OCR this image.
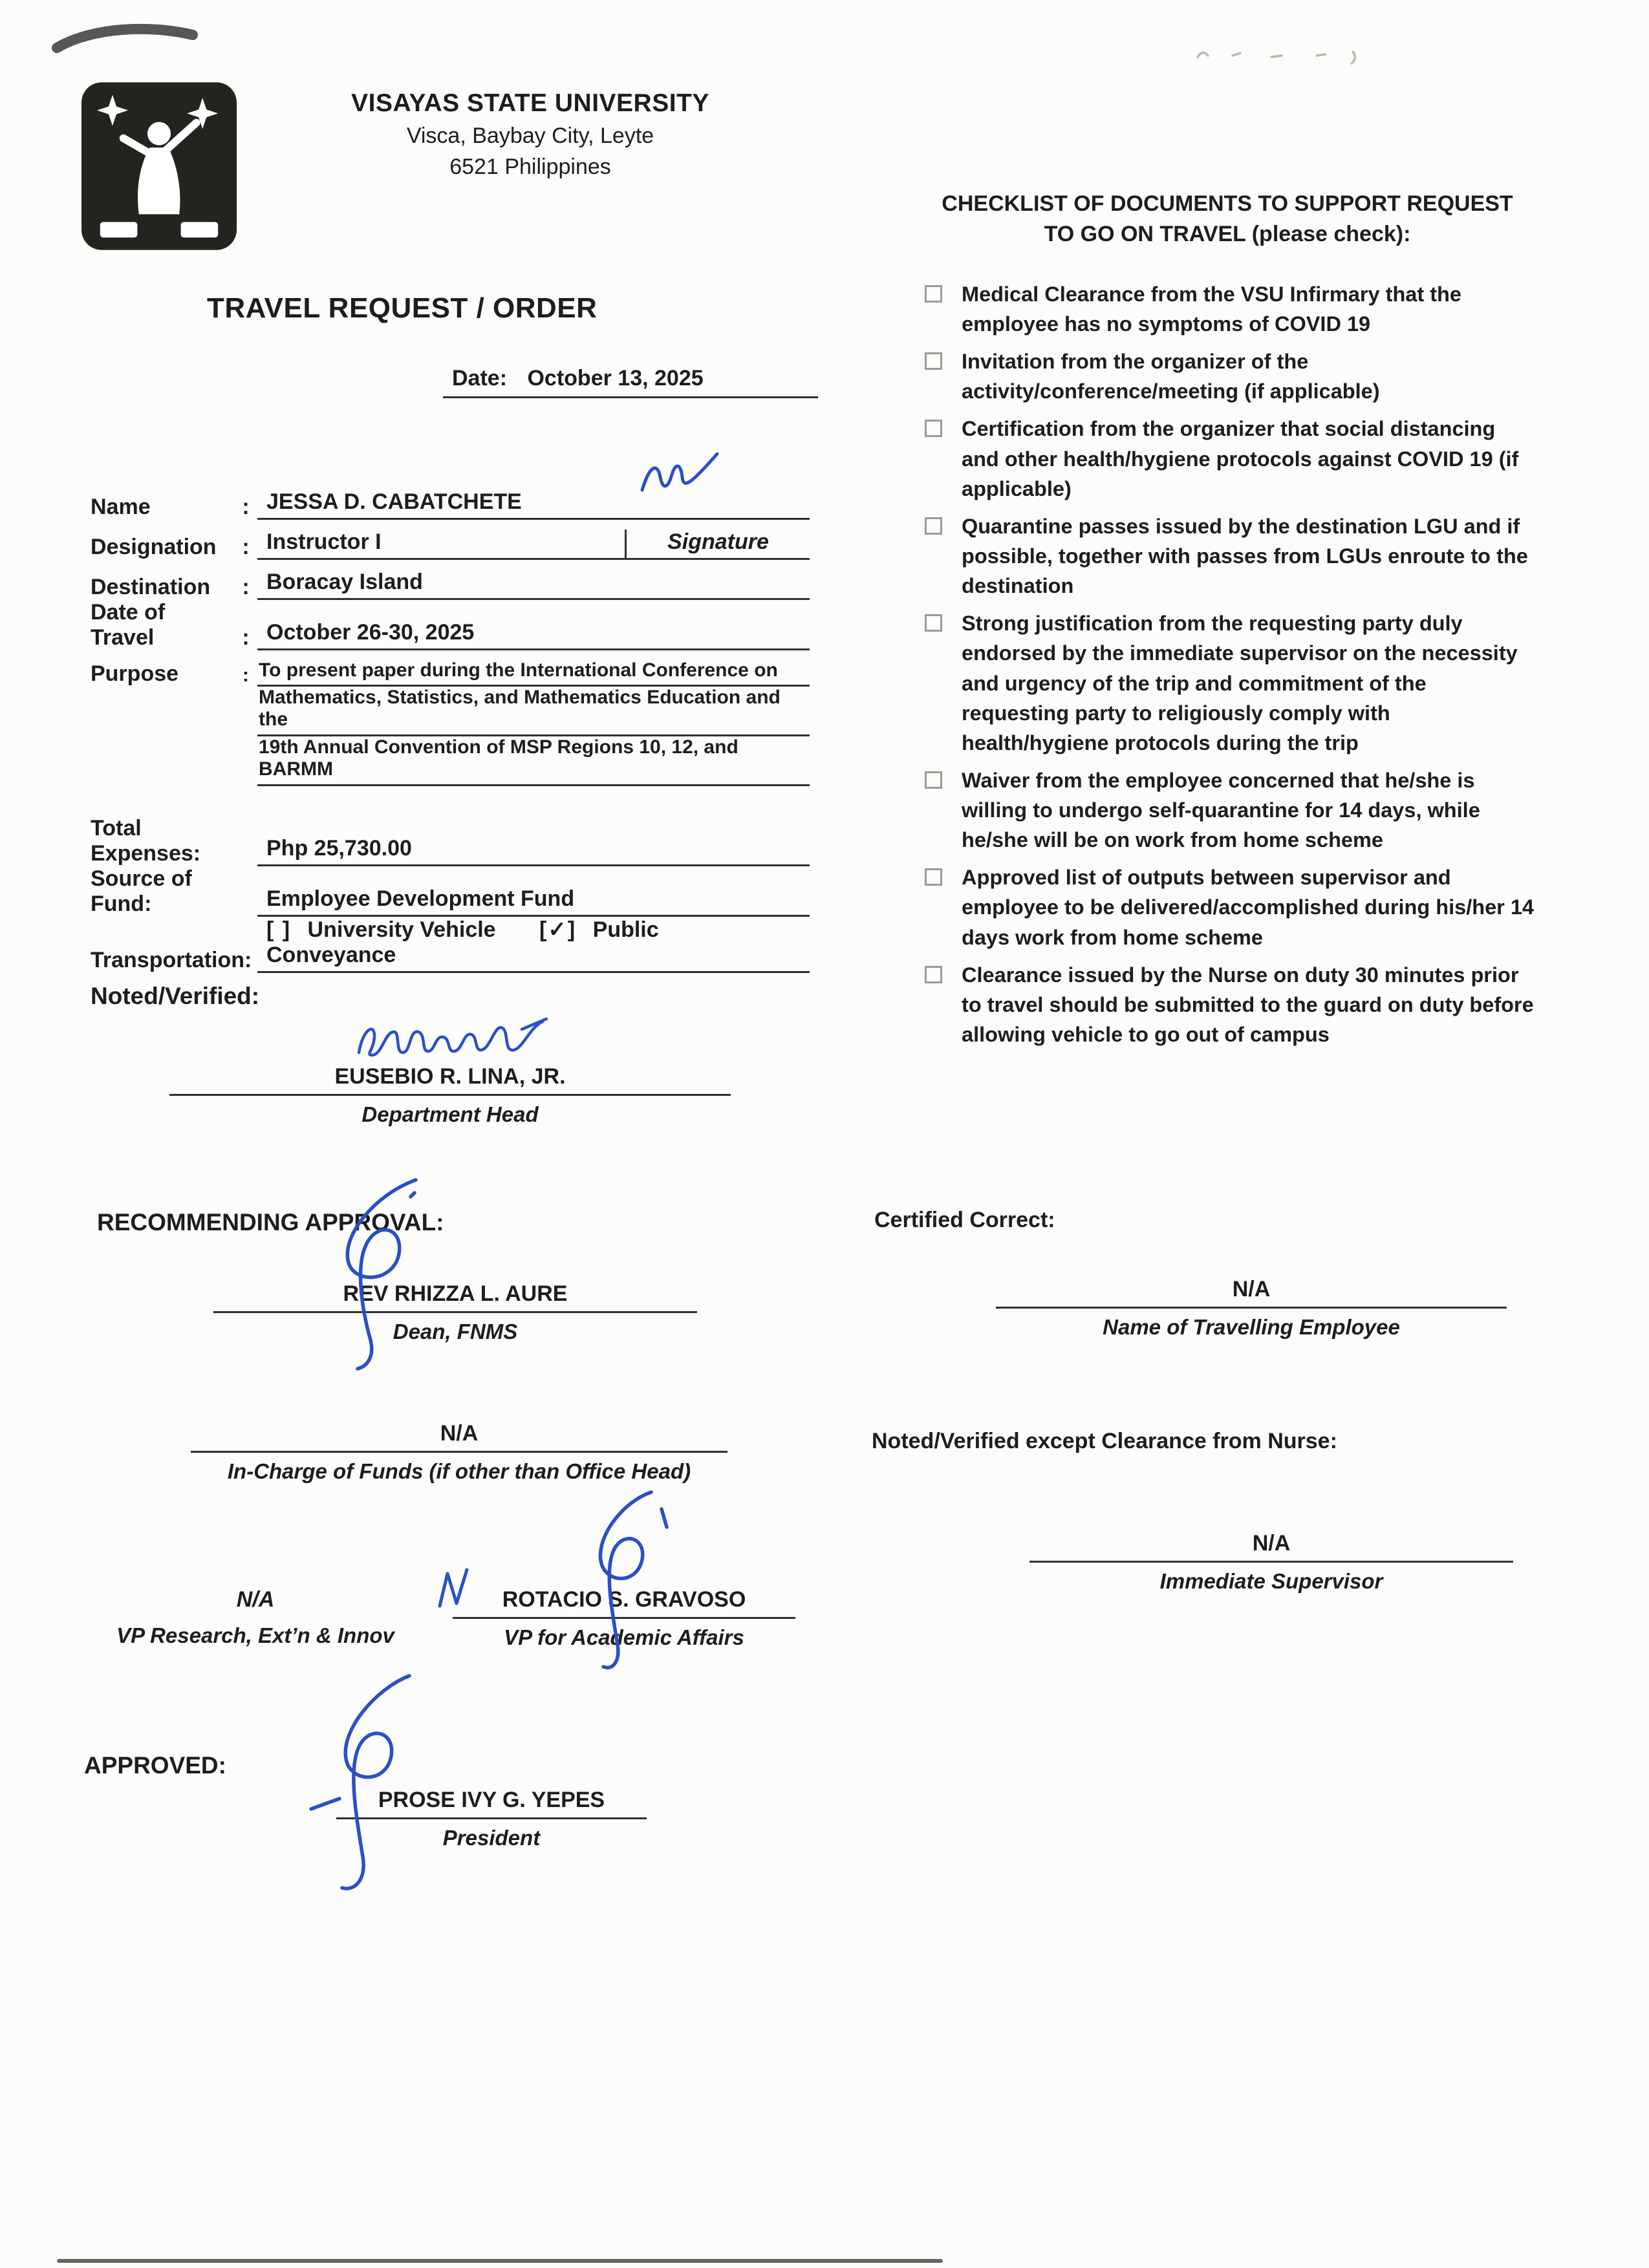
VISAYAS STATE UNIVERSITY
Visca, Baybay City, Leyte
6521 Philippines
TRAVEL REQUEST / ORDER
Date: October 13, 2025
Name	: JESSA D. CABATCHETE
Designation	: Instructor I	Signature
Destination	: Boracay Island
Date of Travel	: October 26-30, 2025
Purpose	: To present paper during the International Conference on
Mathematics, Statistics, and Mathematics Education and the
19th Annual Convention of MSP Regions 10, 12, and BARMM
Total Expenses:	Php 25,730.00
Source of Fund:	Employee Development Fund
Transportation:
[ ] University Vehicle [✓] Public Conveyance
Noted/Verified:
EUSEBIO R. LINA, JR.
Department Head
RECOMMENDING APPROVAL:
REV RHIZZA L. AURE
Dean, FNMS
N/A
In-Charge of Funds (if other than Office Head)
N/A
VP Research, Ext’n & Innov
ROTACIO S. GRAVOSO
VP for Academic Affairs
APPROVED:
PROSE IVY G. YEPES
President
CHECKLIST OF DOCUMENTS TO SUPPORT REQUEST
TO GO ON TRAVEL (please check):
Medical Clearance from the VSU Infirmary that the employee has no symptoms of COVID 19
Invitation from the organizer of the activity/conference/meeting (if applicable)
Certification from the organizer that social distancing and other health/hygiene protocols against COVID 19 (if applicable)
Quarantine passes issued by the destination LGU and if possible, together with passes from LGUs enroute to the destination
Strong justification from the requesting party duly endorsed by the immediate supervisor on the necessity and urgency of the trip and commitment of the requesting party to religiously comply with health/hygiene protocols during the trip
Waiver from the employee concerned that he/she is willing to undergo self-quarantine for 14 days, while he/she will be on work from home scheme
Approved list of outputs between supervisor and employee to be delivered/accomplished during his/her 14 days work from home scheme
Clearance issued by the Nurse on duty 30 minutes prior to travel should be submitted to the guard on duty before allowing vehicle to go out of campus
Certified Correct:
N/A
Name of Travelling Employee
Noted/Verified except Clearance from Nurse:
N/A
Immediate Supervisor
